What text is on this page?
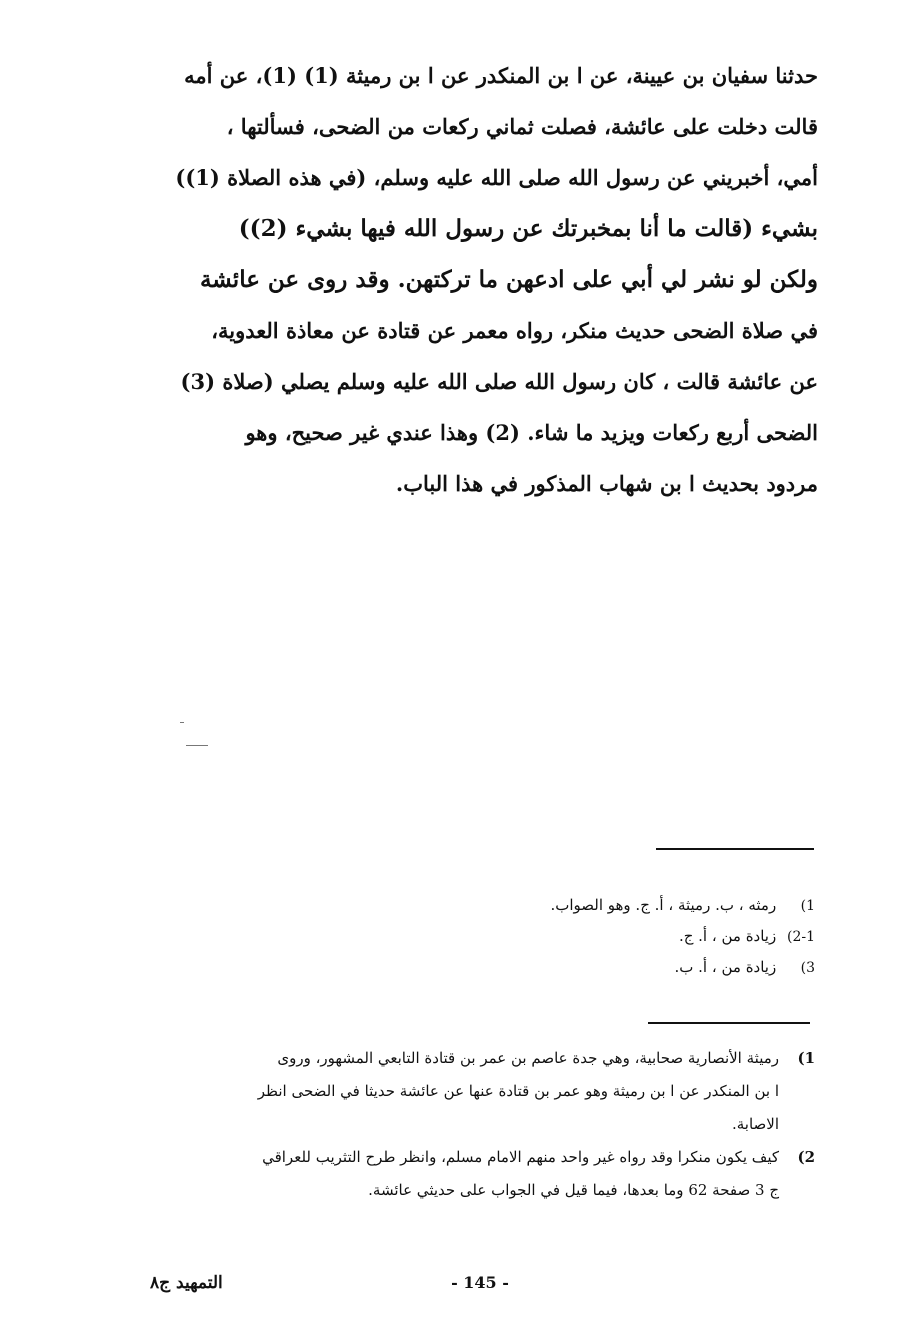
حدثنا سفيان بن عيينة، عن ا بن المنكدر عن ا بن رميثة (1) (1)، عن أمه
قالت دخلت على عائشة، فصلت ثماني ركعات من الضحى، فسألتها ،
أمي، أخبريني عن رسول الله صلى الله عليه وسلم، (في هذه الصلاة (1))
بشيء (قالت ما أنا بمخبرتك عن رسول الله فيها بشيء (2))
ولكن لو نشر لي أبي على ادعهن ما تركتهن. وقد روى عن عائشة
في صلاة الضحى حديث منكر، رواه معمر عن قتادة عن معاذة العدوية،
عن عائشة قالت ، كان رسول الله صلى الله عليه وسلم يصلي (صلاة (3)
الضحى أربع ركعات ويزيد ما شاء. (2) وهذا عندي غير صحيح، وهو
مردود بحديث ا بن شهاب المذكور في هذا الباب.
1) رمثه ، ب. رميثة ، أ. ج. وهو الصواب.
2-1) زيادة من ، أ. ج.
3) زيادة من ، أ. ب.
1)
رميثة الأنصارية صحابية، وهي جدة عاصم بن عمر بن قتادة التابعي المشهور، وروى
ا بن المنكدر عن ا بن رميثة وهو عمر بن قتادة عنها عن عائشة حديثا في الضحى انظر
الاصابة.
2)
كيف يكون منكرا وقد رواه غير واحد منهم الامام مسلم، وانظر طرح التثريب للعراقي
ج 3 صفحة 62 وما بعدها، فيما قيل في الجواب على حديثي عائشة.
التمهيد ج٨	- 145 -
